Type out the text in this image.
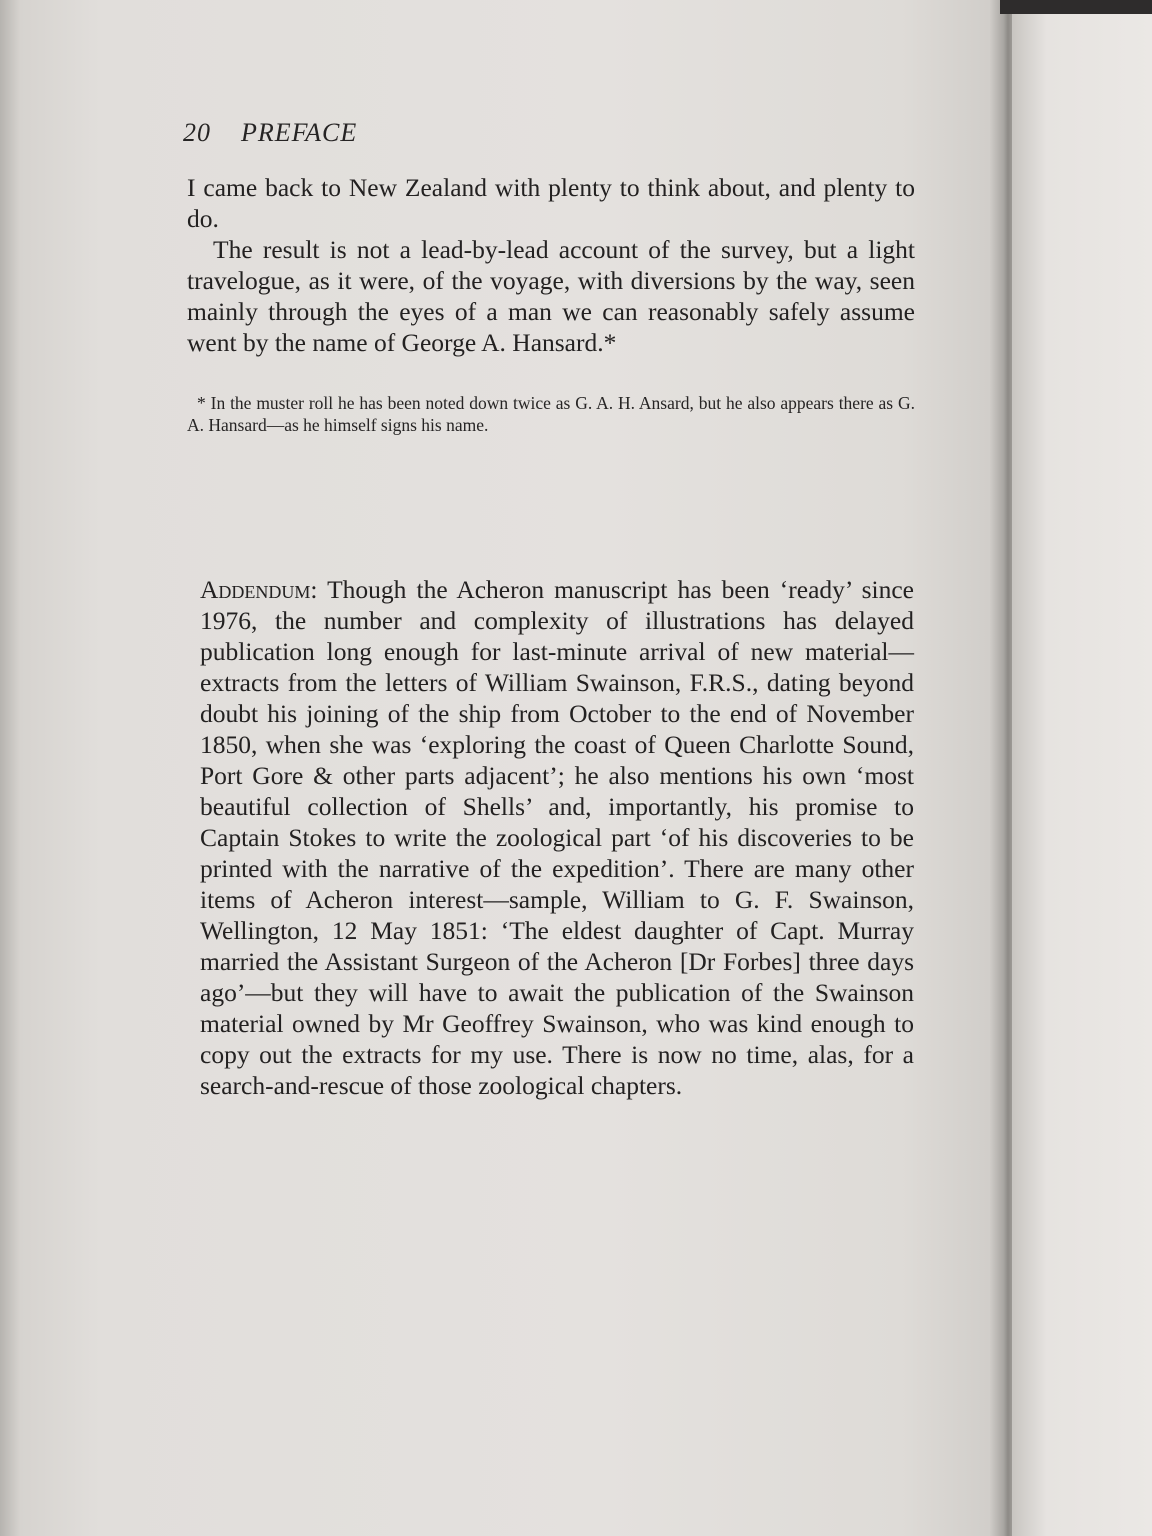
20 PREFACE

I came back to New Zealand with plenty to think about, and plenty to do.

The result is not a lead-by-lead account of the survey, but a light travelogue, as it were, of the voyage, with diversions by the way, seen mainly through the eyes of a man we can reasonably safely assume went by the name of George A. Hansard.*

* In the muster roll he has been noted down twice as G. A. H. Ansard, but he also appears there as G. A. Hansard—as he himself signs his name.
Addendum: Though the Acheron manuscript has been ‘ready’ since 1976, the number and complexity of illustrations has delayed publication long enough for last-minute arrival of new material—extracts from the letters of William Swainson, F.R.S., dating beyond doubt his joining of the ship from October to the end of November 1850, when she was ‘exploring the coast of Queen Charlotte Sound, Port Gore & other parts adjacent’; he also mentions his own ‘most beautiful collection of Shells’ and, importantly, his promise to Captain Stokes to write the zoological part ‘of his discoveries to be printed with the narrative of the expedition’. There are many other items of Acheron interest—sample, William to G. F. Swainson, Wellington, 12 May 1851: ‘The eldest daughter of Capt. Murray married the Assistant Surgeon of the Acheron [Dr Forbes] three days ago’—but they will have to await the publication of the Swainson material owned by Mr Geoffrey Swainson, who was kind enough to copy out the extracts for my use. There is now no time, alas, for a search-and-rescue of those zoological chapters.
